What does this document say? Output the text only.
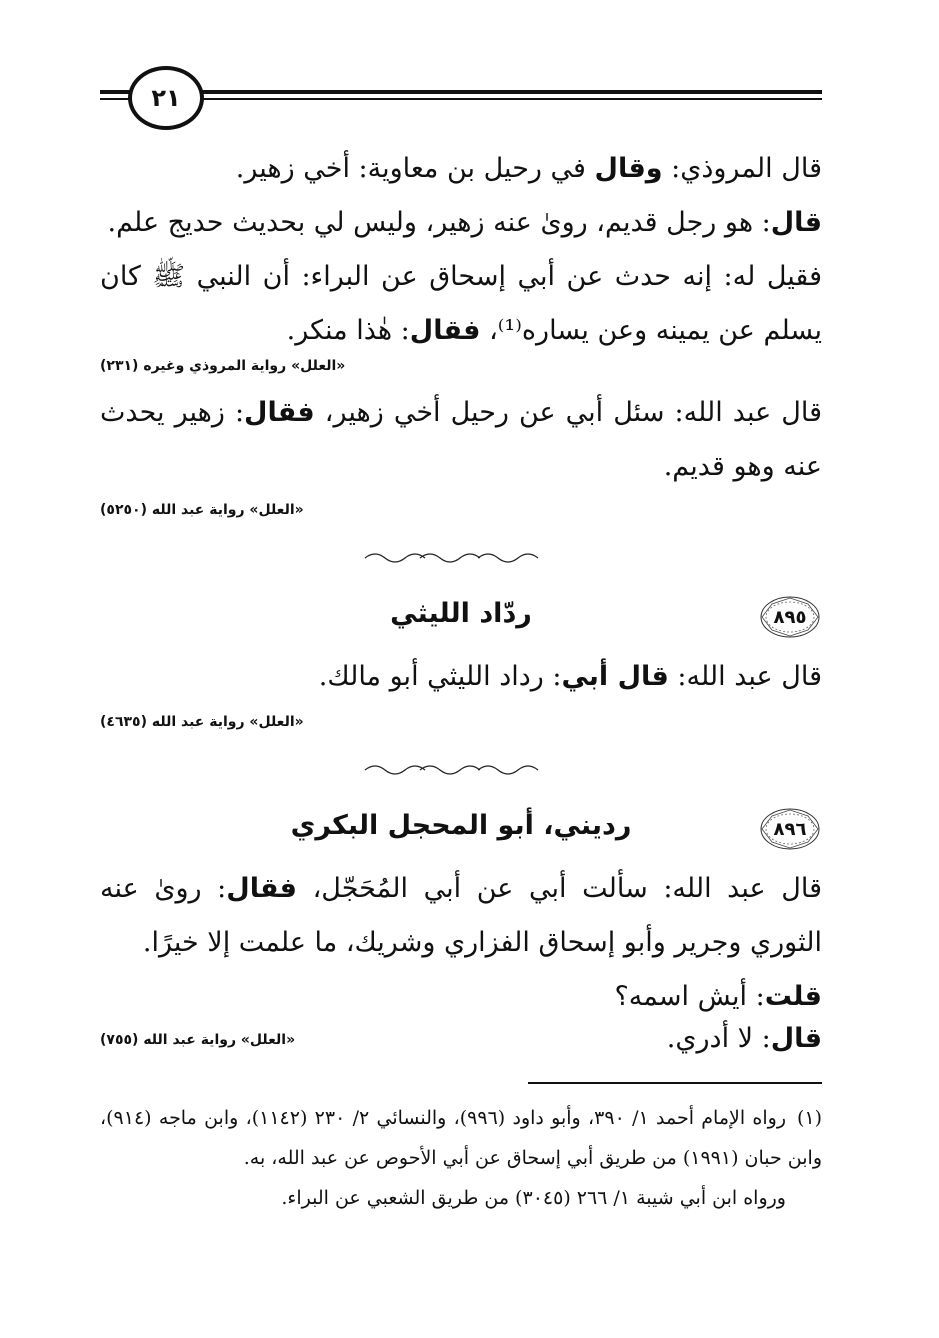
٢١

قال المروذي: وقال في رحيل بن معاوية: أخي زهير.

قال: هو رجل قديم، روىٰ عنه زهير، وليس لي بحديث حديج علم.

فقيل له: إنه حدث عن أبي إسحاق عن البراء: أن النبي ﷺ كان يسلم عن يمينه وعن يساره⁽¹⁾، فقال: هٰذا منكر.

«العلل» رواية المروذي وغيره (٢٣١)

قال عبد الله: سئل أبي عن رحيل أخي زهير، فقال: زهير يحدث عنه وهو قديم.

«العلل» رواية عبد الله (٥٢٥٠)
٨٩٥
ردّاد الليثي

قال عبد الله: قال أبي: رداد الليثي أبو مالك.

«العلل» رواية عبد الله (٤٦٣٥)
٨٩٦
رديني، أبو المحجل البكري

قال عبد الله: سألت أبي عن أبي المُحَجّل، فقال: روىٰ عنه الثوري وجرير وأبو إسحاق الفزاري وشريك، ما علمت إلا خيرًا.

قلت: أيش اسمه؟

قال: لا أدري.
«العلل» رواية عبد الله (٧٥٥)

(١)رواه الإمام أحمد ١/ ٣٩٠، وأبو داود (٩٩٦)، والنسائي ٢/ ٢٣٠ (١١٤٢)، وابن ماجه (٩١٤)، وابن حبان (١٩٩١) من طريق أبي إسحاق عن أبي الأحوص عن عبد الله، به.

ورواه ابن أبي شيبة ١/ ٢٦٦ (٣٠٤٥) من طريق الشعبي عن البراء.
